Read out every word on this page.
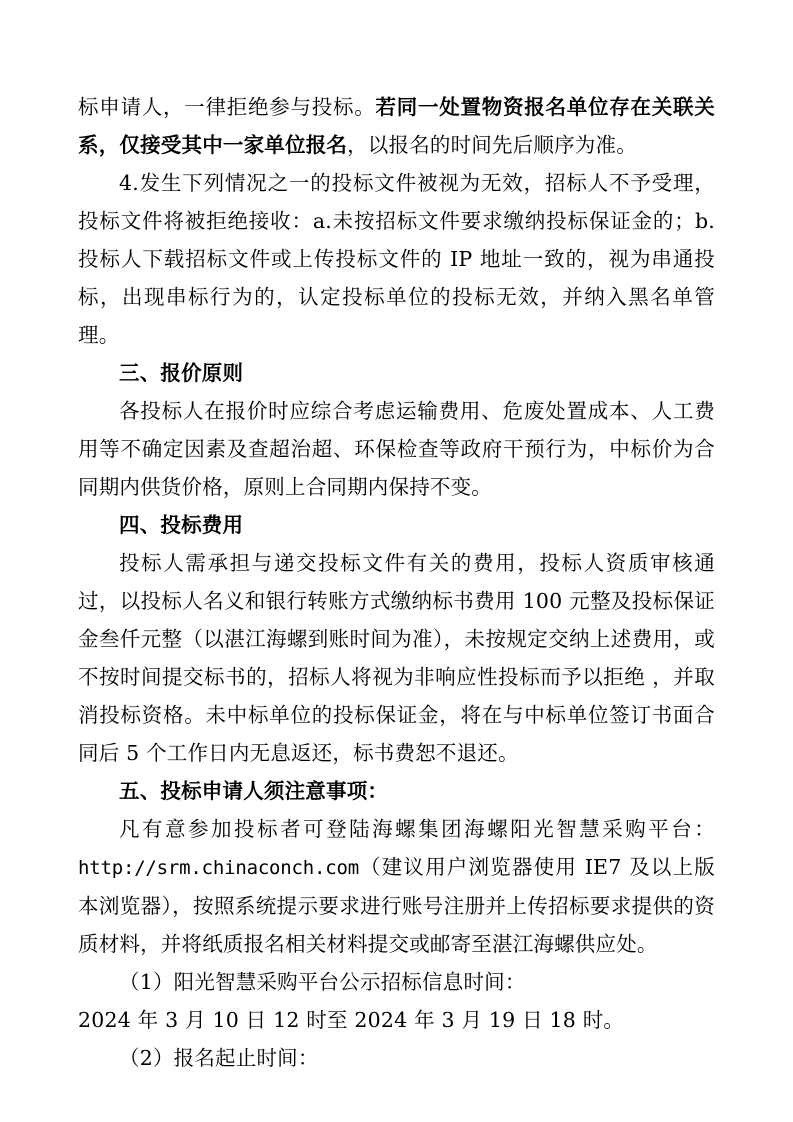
标申请人，一律拒绝参与投标。若同一处置物资报名单位存在关联关系，仅接受其中一家单位报名，以报名的时间先后顺序为准。

4.发生下列情况之一的投标文件被视为无效，招标人不予受理，投标文件将被拒绝接收：a.未按招标文件要求缴纳投标保证金的；b.投标人下载招标文件或上传投标文件的 IP 地址一致的，视为串通投标，出现串标行为的，认定投标单位的投标无效，并纳入黑名单管理。

三、报价原则

各投标人在报价时应综合考虑运输费用、危废处置成本、人工费用等不确定因素及查超治超、环保检查等政府干预行为，中标价为合同期内供货价格，原则上合同期内保持不变。

四、投标费用

投标人需承担与递交投标文件有关的费用，投标人资质审核通过，以投标人名义和银行转账方式缴纳标书费用 100 元整及投标保证金叁仟元整（以湛江海螺到账时间为准），未按规定交纳上述费用，或不按时间提交标书的，招标人将视为非响应性投标而予以拒绝 ，并取消投标资格。未中标单位的投标保证金，将在与中标单位签订书面合同后 5 个工作日内无息返还，标书费恕不退还。

五、投标申请人须注意事项：

凡有意参加投标者可登陆海螺集团海螺阳光智慧采购平台：http://srm.chinaconch.com（建议用户浏览器使用 IE7 及以上版本浏览器），按照系统提示要求进行账号注册并上传招标要求提供的资质材料，并将纸质报名相关材料提交或邮寄至湛江海螺供应处。

（1）阳光智慧采购平台公示招标信息时间：

2024 年 3 月 10 日 12 时至 2024 年 3 月 19 日 18 时。

（2）报名起止时间：
